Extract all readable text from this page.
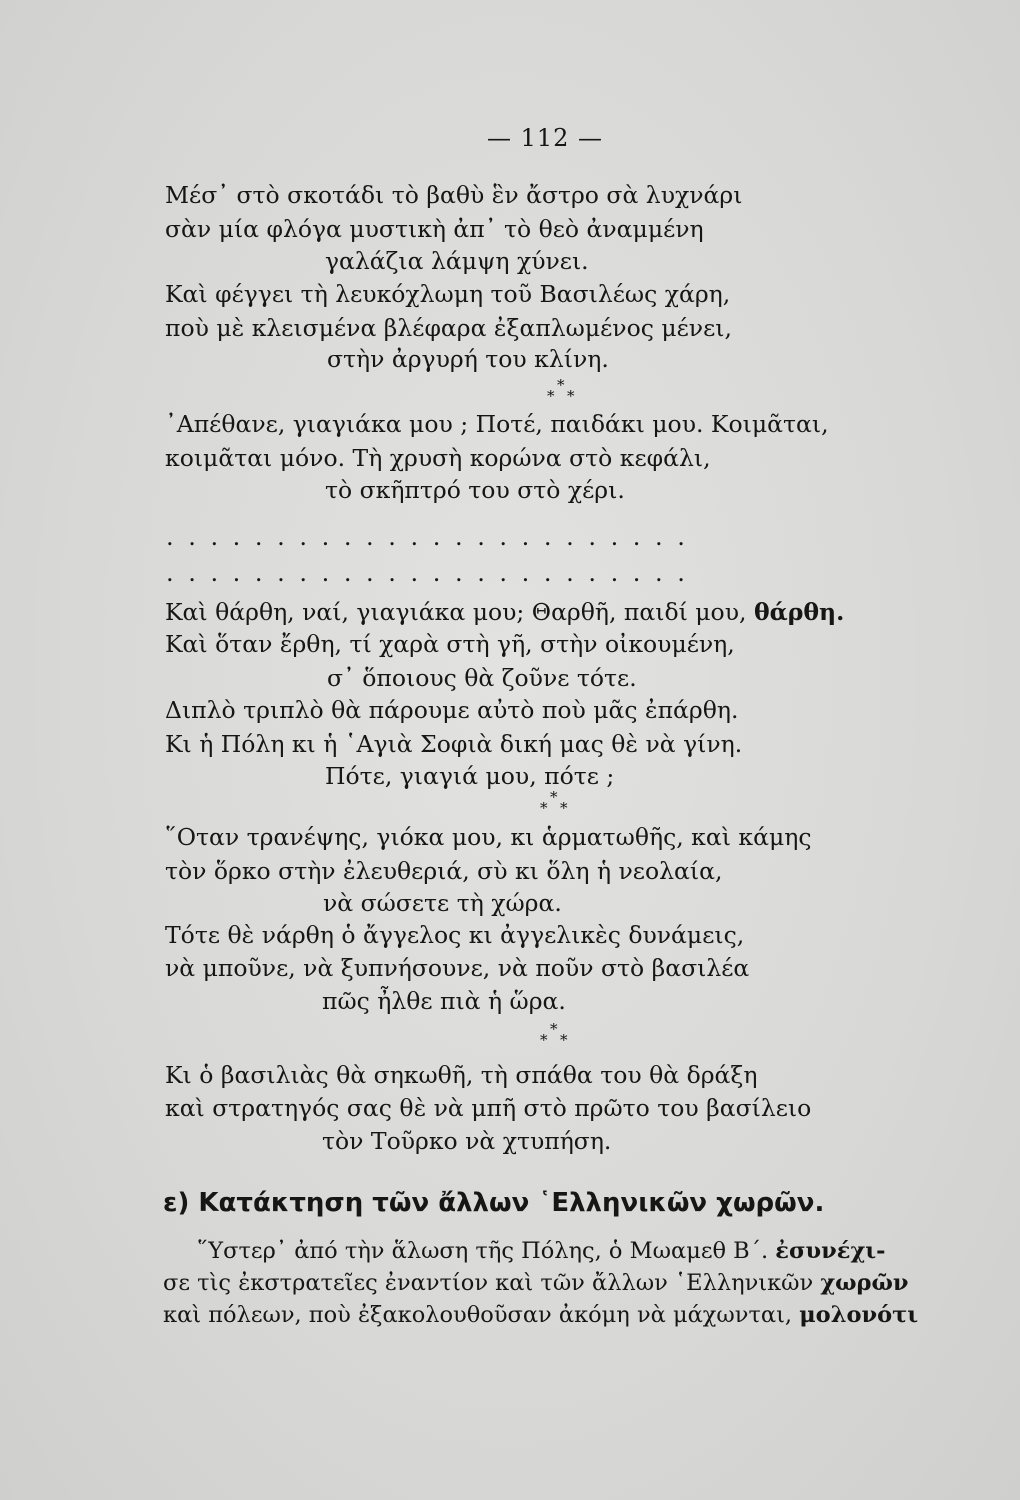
— 112 —
Μέσ᾽ στὸ σκοτάδι τὸ βαθὺ ἓν ἄστρο σὰ λυχνάρι
σὰν μία φλόγα μυστικὴ ἀπ᾽ τὸ θεὸ ἀναμμένη
γαλάζια λάμψη χύνει.
Καὶ φέγγει τὴ λευκόχλωμη τοῦ Βασιλέως χάρη,
ποὺ μὲ κλεισμένα βλέφαρα ἐξαπλωμένος μένει,
στὴν ἀργυρή του κλίνη.
*
* *
᾽Απέθανε, γιαγιάκα μου ; Ποτέ, παιδάκι μου. Κοιμᾶται,
κοιμᾶται μόνο. Τὴ χρυσὴ κορώνα στὸ κεφάλι,
τὸ σκῆπτρό του στὸ χέρι.
........................
........................
Καὶ θάρθη, ναί, γιαγιάκα μου; Θαρθῆ, παιδί μου, θάρθη.
Καὶ ὅταν ἔρθη, τί χαρὰ στὴ γῆ, στὴν οἰκουμένη,
σ᾽ ὅποιους θὰ ζοῦνε τότε.
Διπλὸ τριπλὸ θὰ πάρουμε αὐτὸ ποὺ μᾶς ἐπάρθη.
Κι ἡ Πόλη κι ἡ ῾Αγιὰ Σοφιὰ δική μας θὲ νὰ γίνη.
Πότε, γιαγιά μου, πότε ;
*
* *
῞Οταν τρανέψης, γιόκα μου, κι ἁρματωθῆς, καὶ κάμης
τὸν ὅρκο στὴν ἐλευθεριά, σὺ κι ὅλη ἡ νεολαία,
νὰ σώσετε τὴ χώρα.
Τότε θὲ νάρθη ὁ ἄγγελος κι ἀγγελικὲς δυνάμεις,
νὰ μποῦνε, νὰ ξυπνήσουνε, νὰ ποῦν στὸ βασιλέα
πῶς ἦλθε πιὰ ἡ ὥρα.
*
* *
Κι ὁ βασιλιὰς θὰ σηκωθῆ, τὴ σπάθα του θὰ δράξη
καὶ στρατηγός σας θὲ νὰ μπῆ στὸ πρῶτο του βασίλειο
τὸν Τοῦρκο νὰ χτυπήση.
ε) Κατάκτηση τῶν ἄλλων ῾Ελληνικῶν χωρῶν.
῞Υστερ᾽ ἀπό τὴν ἅλωση τῆς Πόλης, ὁ Μωαμεθ Β΄. ἐσυνέχι-
σε τὶς ἐκστρατεῖες ἐναντίον καὶ τῶν ἄλλων ῾Ελληνικῶν χωρῶν
καὶ πόλεων, ποὺ ἐξακολουθοῦσαν ἀκόμη νὰ μάχωνται, μολονότι
